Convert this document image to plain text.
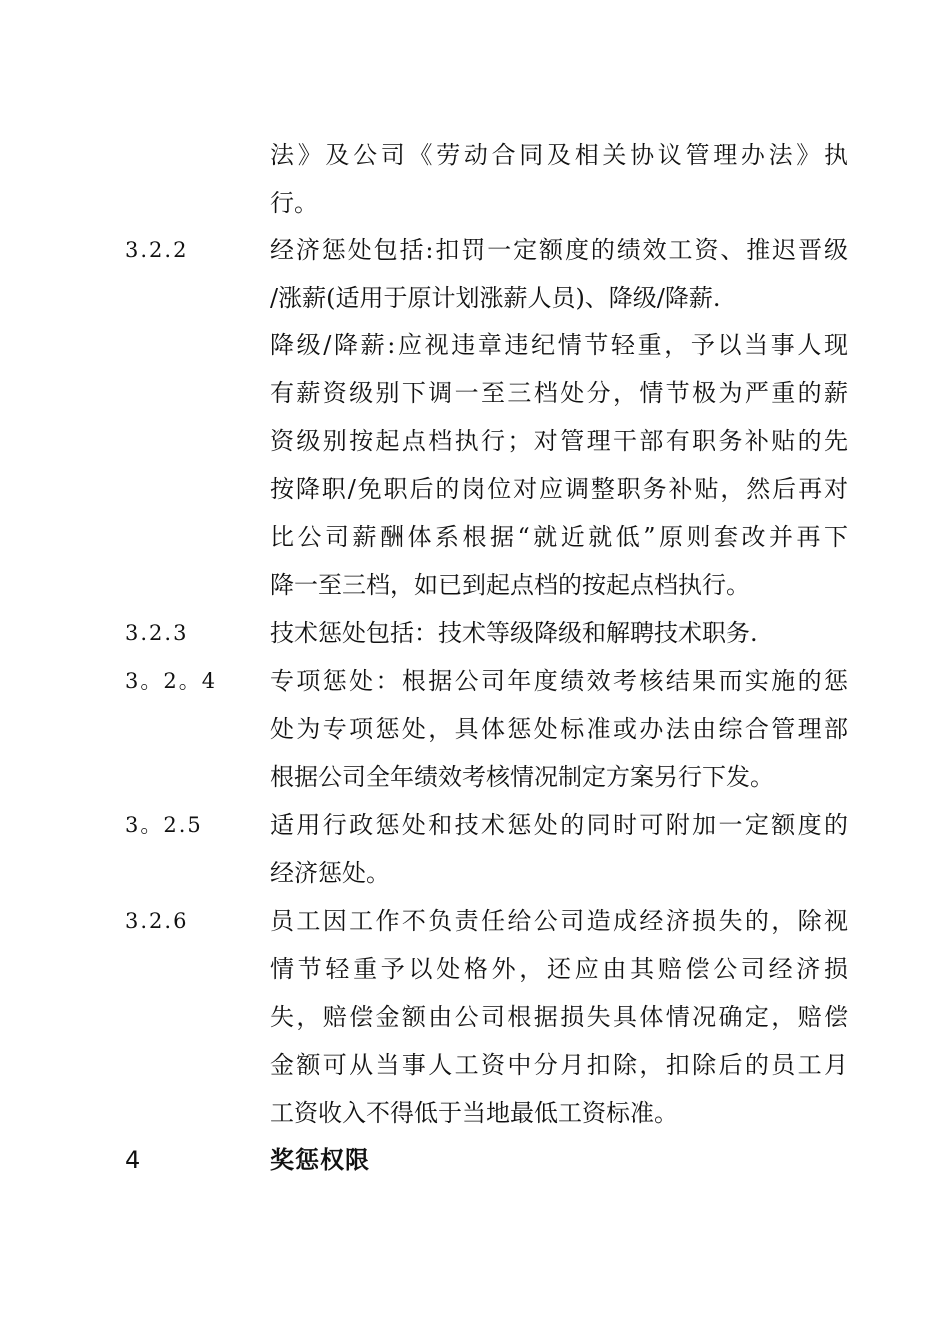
法》及公司《劳动合同及相关协议管理办法》执
行。
3.2.2	经济惩处包括:扣罚一定额度的绩效工资、推迟晋级
/涨薪(适用于原计划涨薪人员)、降级/降薪.
降级/降薪:应视违章违纪情节轻重，予以当事人现
有薪资级别下调一至三档处分，情节极为严重的薪
资级别按起点档执行；对管理干部有职务补贴的先
按降职/免职后的岗位对应调整职务补贴，然后再对
比公司薪酬体系根据“就近就低”原则套改并再下
降一至三档，如已到起点档的按起点档执行。
3.2.3	技术惩处包括：技术等级降级和解聘技术职务.
3。2。4 专项惩处：根据公司年度绩效考核结果而实施的惩
处为专项惩处，具体惩处标准或办法由综合管理部
根据公司全年绩效考核情况制定方案另行下发。
3。2.5	适用行政惩处和技术惩处的同时可附加一定额度的
经济惩处。
3.2.6	员工因工作不负责任给公司造成经济损失的，除视
情节轻重予以处格外，还应由其赔偿公司经济损
失，赔偿金额由公司根据损失具体情况确定，赔偿
金额可从当事人工资中分月扣除，扣除后的员工月
工资收入不得低于当地最低工资标准。
4	奖惩权限
